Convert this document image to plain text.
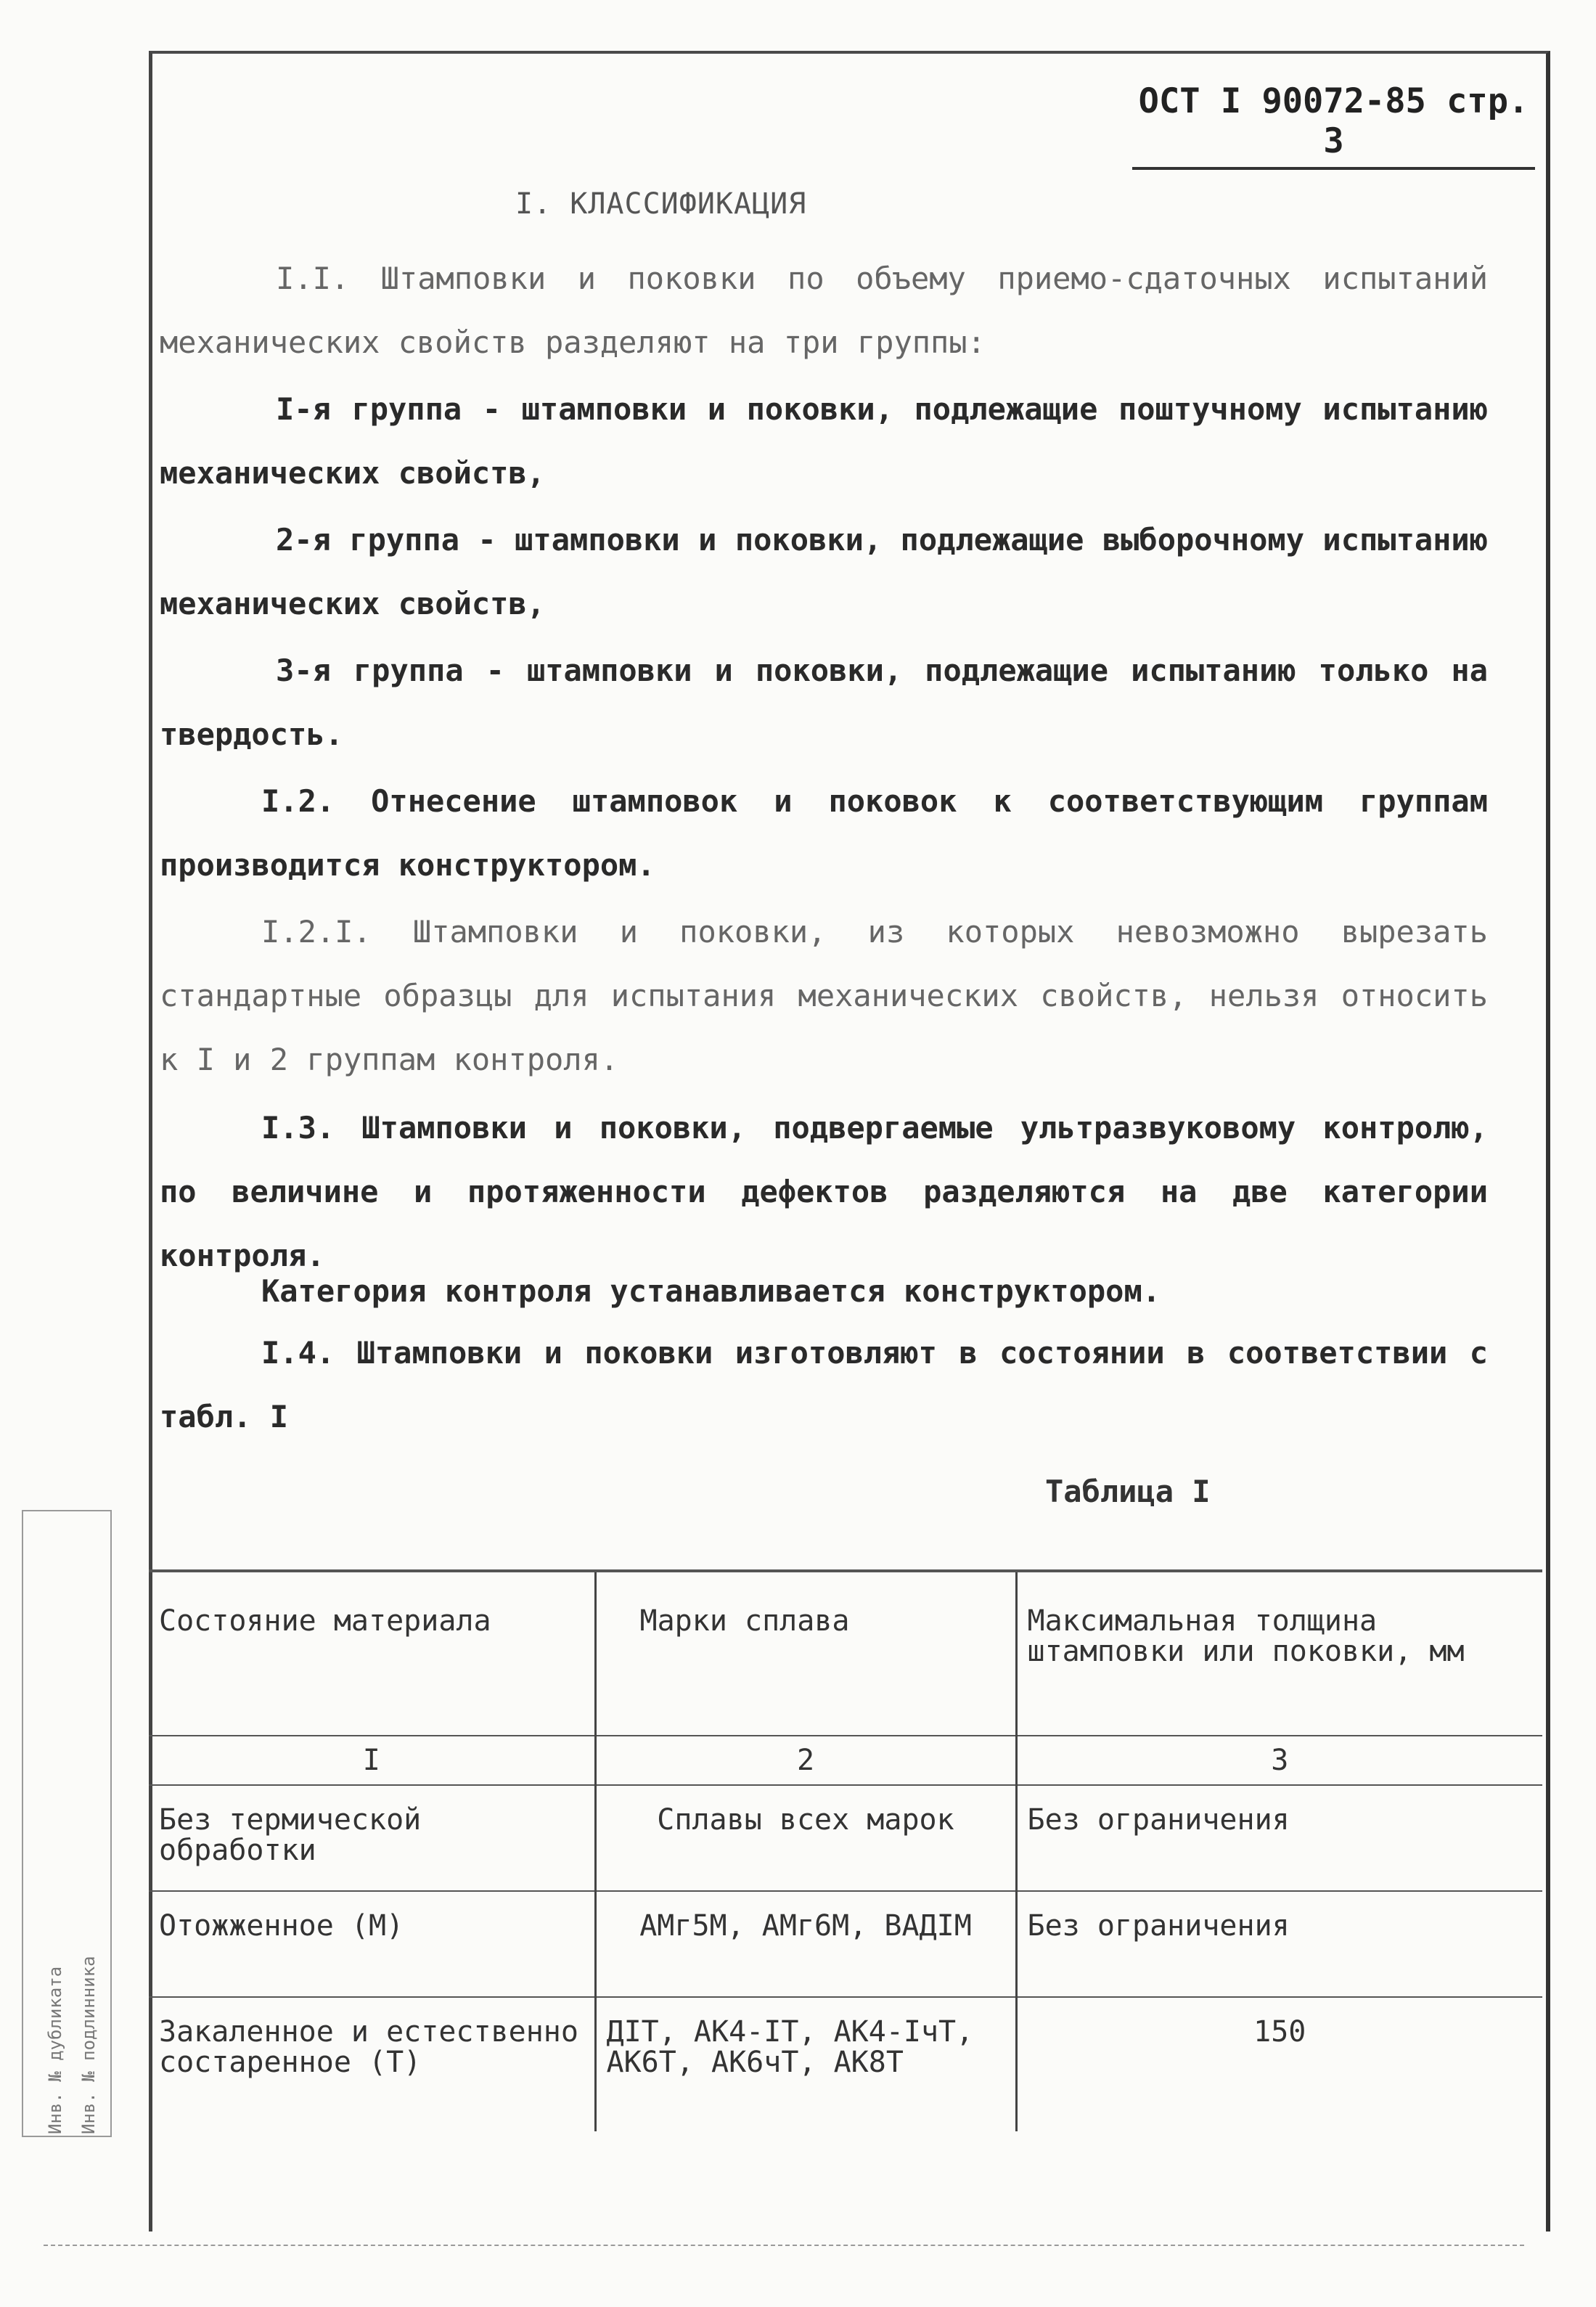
ОСТ I 90072-85 стр. 3
I. КЛАССИФИКАЦИЯ

I.I. Штамповки и поковки по объему приемо-сдаточных испытаний механических свойств разделяют на три группы:

I-я группа - штамповки и поковки, подлежащие поштучному испытанию механических свойств,

2-я группа - штамповки и поковки, подлежащие выборочному испытанию механических свойств,

3-я группа - штамповки и поковки, подлежащие испытанию только на твердость.

I.2. Отнесение штамповок и поковок к соответствующим группам производится конструктором.

I.2.I. Штамповки и поковки, из которых невозможно вырезать стандартные образцы для испытания механических свойств, нельзя относить к I и 2 группам контроля.

I.3. Штамповки и поковки, подвергаемые ультразвуковому контролю, по величине и протяженности дефектов разделяются на две категории контроля.

Категория контроля устанавливается конструктором.

I.4. Штамповки и поковки изготовляют в состоянии в соответствии с табл. I

Таблица I
Состояние материала	Марки сплава	Максимальная толщина штамповки или поковки, мм
I	2	3
Без термической обработки	Сплавы всех марок	Без ограничения
Отожженное (М)	АМг5М, АМг6М, ВАДIМ	Без ограничения
Закаленное и естественно состаренное (Т)	ДIТ, АК4-IТ, АК4-IчТ, АК6Т, АК6чТ, АК8Т	150
Инв. № дубликата Инв. № подлинника
